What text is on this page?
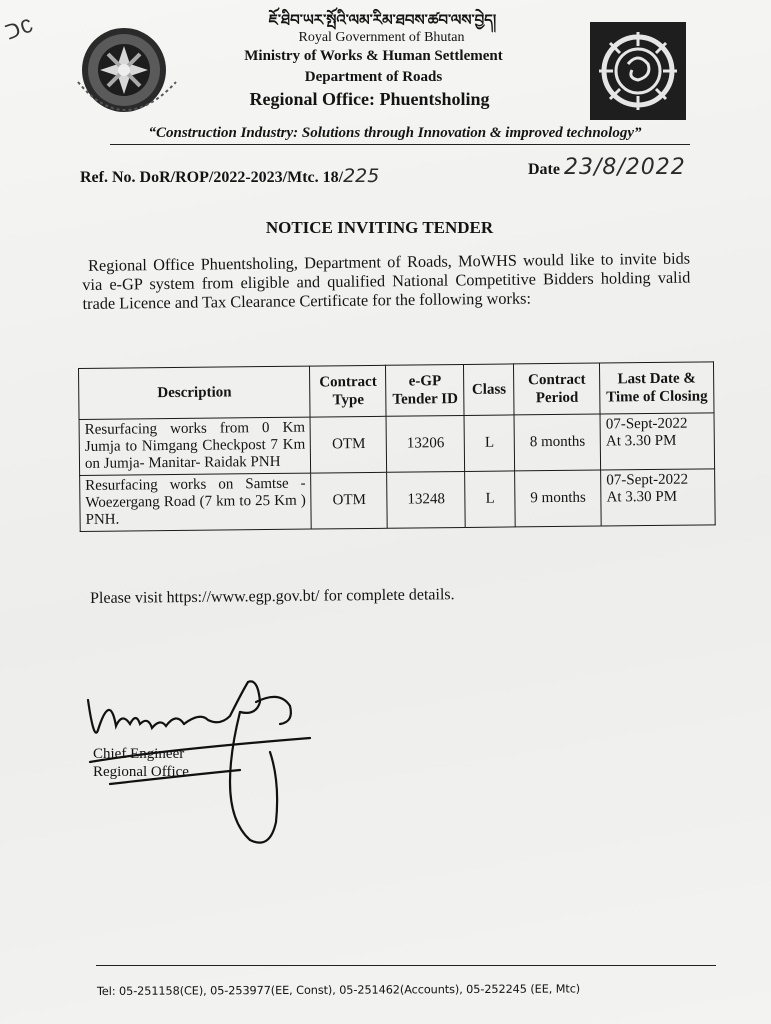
ᑐC	ཇོ་ཐིབ་ཡར་སྤོའི་ལམ་རིམ་ཐབས་ཚབ་ལས་བྱེད།
Royal Government of Bhutan
Ministry of Works & Human Settlement
Department of Roads
Regional Office: Phuentsholing
“Construction Industry: Solutions through Innovation & improved technology”
Ref. No. DoR/ROP/2022-2023/Mtc. 18/225	Date 23/8/2022
NOTICE INVITING TENDER
Regional Office Phuentsholing, Department of Roads, MoWHS would like to invite bids via e-GP system from eligible and qualified National Competitive Bidders holding valid trade Licence and Tax Clearance Certificate for the following works:
Description	Contract Type	e-GP Tender ID	Class	Contract Period	Last Date & Time of Closing
Resurfacing works from 0 Km Jumja to Nimgang Checkpost 7 Km on Jumja- Manitar- Raidak PNH	OTM	13206	L	8 months	07-Sept-2022
At 3.30 PM

Resurfacing works on Samtse - Woezergang Road (7 km to 25 Km ) PNH.	OTM	13248	L	9 months	07-Sept-2022
At 3.30 PM
Please visit https://www.egp.gov.bt/ for complete details.
Chief Engineer
Regional Office
Tel: 05-251158(CE), 05-253977(EE, Const), 05-251462(Accounts), 05-252245 (EE, Mtc)
